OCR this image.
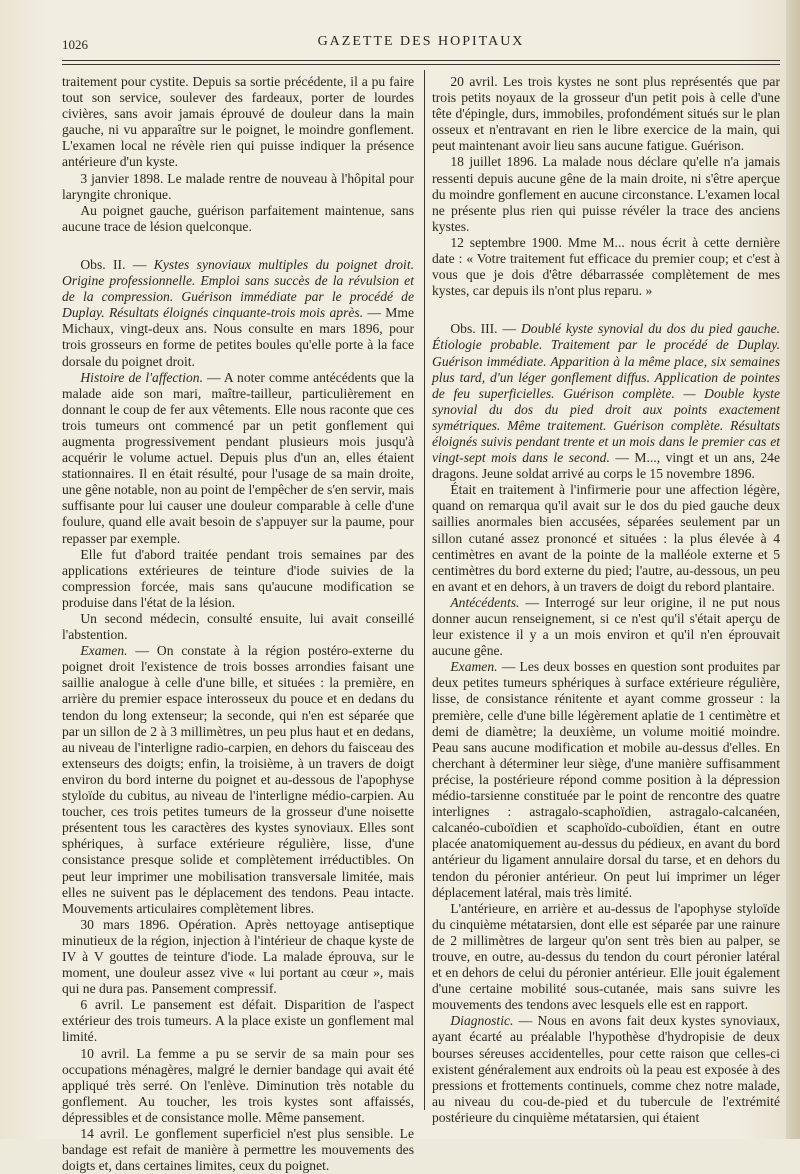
1026	GAZETTE DES HOPITAUX

traitement pour cystite. Depuis sa sortie précédente, il a pu faire tout son service, soulever des fardeaux, porter de lourdes civières, sans avoir jamais éprouvé de douleur dans la main gauche, ni vu apparaître sur le poignet, le moindre gonflement. L'examen local ne révèle rien qui puisse indiquer la présence antérieure d'un kyste.

3 janvier 1898. Le malade rentre de nouveau à l'hôpital pour laryngite chronique.

Au poignet gauche, guérison parfaitement maintenue, sans aucune trace de lésion quelconque.

Obs. II. — Kystes synoviaux multiples du poignet droit. Origine professionnelle. Emploi sans succès de la révulsion et de la compression. Guérison immédiate par le procédé de Duplay. Résultats éloignés cinquante-trois mois après. — Mme Michaux, vingt-deux ans. Nous consulte en mars 1896, pour trois grosseurs en forme de petites boules qu'elle porte à la face dorsale du poignet droit.

Histoire de l'affection. — A noter comme antécédents que la malade aide son mari, maître-tailleur, particulièrement en donnant le coup de fer aux vêtements. Elle nous raconte que ces trois tumeurs ont commencé par un petit gonflement qui augmenta progressivement pendant plusieurs mois jusqu'à acquérir le volume actuel. Depuis plus d'un an, elles étaient stationnaires. Il en était résulté, pour l'usage de sa main droite, une gêne notable, non au point de l'empêcher de s'en servir, mais suffisante pour lui causer une douleur comparable à celle d'une foulure, quand elle avait besoin de s'appuyer sur la paume, pour repasser par exemple.

Elle fut d'abord traitée pendant trois semaines par des applications extérieures de teinture d'iode suivies de la compression forcée, mais sans qu'aucune modification se produise dans l'état de la lésion.

Un second médecin, consulté ensuite, lui avait conseillé l'abstention.

Examen. — On constate à la région postéro-externe du poignet droit l'existence de trois bosses arrondies faisant une saillie analogue à celle d'une bille, et situées : la première, en arrière du premier espace interosseux du pouce et en dedans du tendon du long extenseur; la seconde, qui n'en est séparée que par un sillon de 2 à 3 millimètres, un peu plus haut et en dedans, au niveau de l'interligne radio-carpien, en dehors du faisceau des extenseurs des doigts; enfin, la troisième, à un travers de doigt environ du bord interne du poignet et au-dessous de l'apophyse styloïde du cubitus, au niveau de l'interligne médio-carpien. Au toucher, ces trois petites tumeurs de la grosseur d'une noisette présentent tous les caractères des kystes synoviaux. Elles sont sphériques, à surface extérieure régulière, lisse, d'une consistance presque solide et complètement irréductibles. On peut leur imprimer une mobilisation transversale limitée, mais elles ne suivent pas le déplacement des tendons. Peau intacte. Mouvements articulaires complètement libres.

30 mars 1896. Opération. Après nettoyage antiseptique minutieux de la région, injection à l'intérieur de chaque kyste de IV à V gouttes de teinture d'iode. La malade éprouva, sur le moment, une douleur assez vive « lui portant au cœur », mais qui ne dura pas. Pansement compressif.

6 avril. Le pansement est défait. Disparition de l'aspect extérieur des trois tumeurs. A la place existe un gonflement mal limité.

10 avril. La femme a pu se servir de sa main pour ses occupations ménagères, malgré le dernier bandage qui avait été appliqué très serré. On l'enlève. Diminution très notable du gonflement. Au toucher, les trois kystes sont affaissés, dépressibles et de consistance molle. Même pansement.

14 avril. Le gonflement superficiel n'est plus sensible. Le bandage est refait de manière à permettre les mouvements des doigts et, dans certaines limites, ceux du poignet.

20 avril. Les trois kystes ne sont plus représentés que par trois petits noyaux de la grosseur d'un petit pois à celle d'une tête d'épingle, durs, immobiles, profondément situés sur le plan osseux et n'entravant en rien le libre exercice de la main, qui peut maintenant avoir lieu sans aucune fatigue. Guérison.

18 juillet 1896. La malade nous déclare qu'elle n'a jamais ressenti depuis aucune gêne de la main droite, ni s'être aperçue du moindre gonflement en aucune circonstance. L'examen local ne présente plus rien qui puisse révéler la trace des anciens kystes.

12 septembre 1900. Mme M... nous écrit à cette dernière date : « Votre traitement fut efficace du premier coup; et c'est à vous que je dois d'être débarrassée complètement de mes kystes, car depuis ils n'ont plus reparu. »

Obs. III. — Doublé kyste synovial du dos du pied gauche. Étiologie probable. Traitement par le procédé de Duplay. Guérison immédiate. Apparition à la même place, six semaines plus tard, d'un léger gonflement diffus. Application de pointes de feu superficielles. Guérison complète. — Double kyste synovial du dos du pied droit aux points exactement symétriques. Même traitement. Guérison complète. Résultats éloignés suivis pendant trente et un mois dans le premier cas et vingt-sept mois dans le second. — M..., vingt et un ans, 24e dragons. Jeune soldat arrivé au corps le 15 novembre 1896.

Était en traitement à l'infirmerie pour une affection légère, quand on remarqua qu'il avait sur le dos du pied gauche deux saillies anormales bien accusées, séparées seulement par un sillon cutané assez prononcé et situées : la plus élevée à 4 centimètres en avant de la pointe de la malléole externe et 5 centimètres du bord externe du pied; l'autre, au-dessous, un peu en avant et en dehors, à un travers de doigt du rebord plantaire.

Antécédents. — Interrogé sur leur origine, il ne put nous donner aucun renseignement, si ce n'est qu'il s'était aperçu de leur existence il y a un mois environ et qu'il n'en éprouvait aucune gêne.

Examen. — Les deux bosses en question sont produites par deux petites tumeurs sphériques à surface extérieure régulière, lisse, de consistance rénitente et ayant comme grosseur : la première, celle d'une bille légèrement aplatie de 1 centimètre et demi de diamètre; la deuxième, un volume moitié moindre. Peau sans aucune modification et mobile au-dessus d'elles. En cherchant à déterminer leur siège, d'une manière suffisamment précise, la postérieure répond comme position à la dépression médio-tarsienne constituée par le point de rencontre des quatre interlignes : astragalo-scaphoïdien, astragalo-calcanéen, calcanéo-cuboïdien et scaphoïdo-cuboïdien, étant en outre placée anatomiquement au-dessus du pédieux, en avant du bord antérieur du ligament annulaire dorsal du tarse, et en dehors du tendon du péronier antérieur. On peut lui imprimer un léger déplacement latéral, mais très limité.

L'antérieure, en arrière et au-dessus de l'apophyse styloïde du cinquième métatarsien, dont elle est séparée par une rainure de 2 millimètres de largeur qu'on sent très bien au palper, se trouve, en outre, au-dessus du tendon du court péronier latéral et en dehors de celui du péronier antérieur. Elle jouit également d'une certaine mobilité sous-cutanée, mais sans suivre les mouvements des tendons avec lesquels elle est en rapport.

Diagnostic. — Nous en avons fait deux kystes synoviaux, ayant écarté au préalable l'hypothèse d'hydropisie de deux bourses séreuses accidentelles, pour cette raison que celles-ci existent généralement aux endroits où la peau est exposée à des pressions et frottements continuels, comme chez notre malade, au niveau du cou-de-pied et du tubercule de l'extrémité postérieure du cinquième métatarsien, qui étaient
